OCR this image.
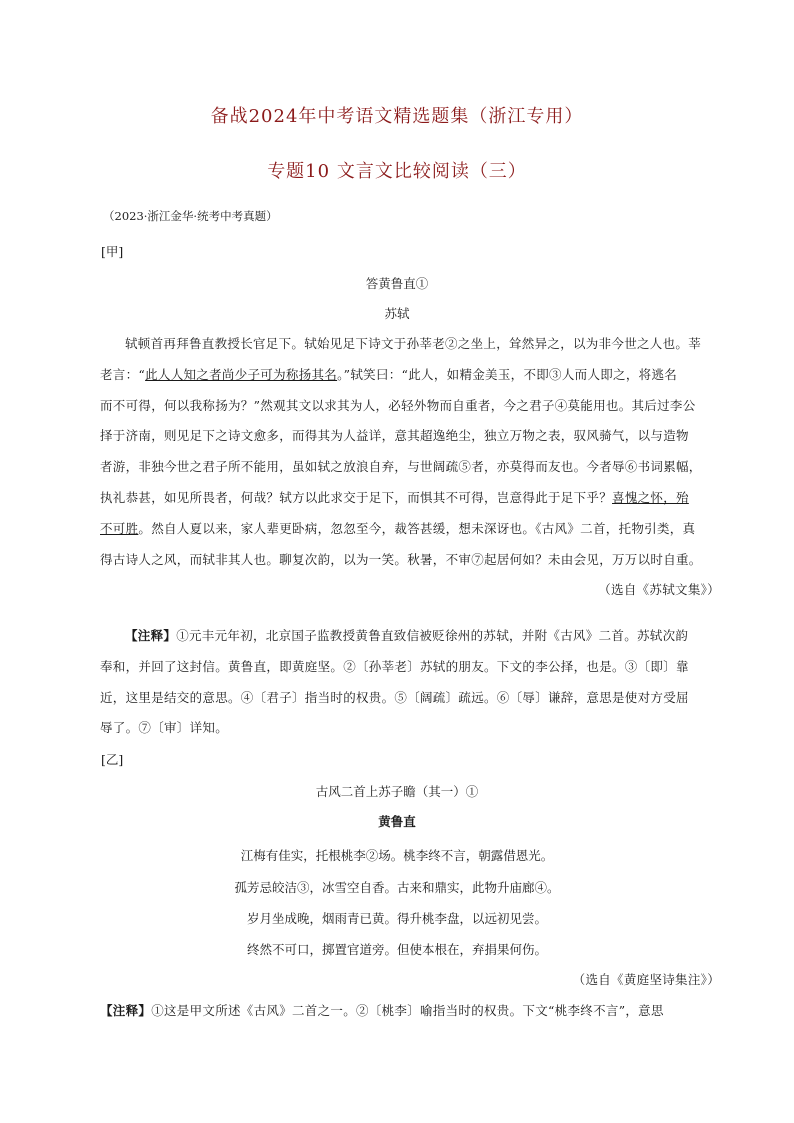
备战2024年中考语文精选题集（浙江专用）
专题10 文言文比较阅读（三）
（2023·浙江金华·统考中考真题）
[甲]
答黄鲁直①
苏轼
轼顿首再拜鲁直教授长官足下。轼始见足下诗文于孙莘老②之坐上，耸然异之，以为非今世之人也。莘
老言：“此人人知之者尚少子可为称扬其名。”轼笑曰：“此人，如精金美玉，不即③人而人即之，将逃名
而不可得，何以我称扬为？”然观其文以求其为人，必轻外物而自重者，今之君子④莫能用也。其后过李公
择于济南，则见足下之诗文愈多，而得其为人益详，意其超逸绝尘，独立万物之表，驭风骑气，以与造物
者游，非独今世之君子所不能用，虽如轼之放浪自弃，与世阔疏⑤者，亦莫得而友也。今者辱⑥书词累幅，
执礼恭甚，如见所畏者，何哉？轼方以此求交于足下，而惧其不可得，岂意得此于足下乎？喜愧之怀，殆
不可胜。然自人夏以来，家人辈更卧病，忽忽至今，裁答甚缓，想未深讶也。《古风》二首，托物引类，真
得古诗人之风，而轼非其人也。聊复次韵，以为一笑。秋暑，不审⑦起居何如？未由会见，万万以时自重。
（选自《苏轼文集》）
【注释】①元丰元年初，北京国子监教授黄鲁直致信被贬徐州的苏轼，并附《古风》二首。苏轼次韵
奉和，并回了这封信。黄鲁直，即黄庭坚。②〔孙莘老〕苏轼的朋友。下文的李公择，也是。③〔即〕靠
近，这里是结交的意思。④〔君子〕指当时的权贵。⑤〔阔疏〕疏远。⑥〔辱〕谦辞，意思是使对方受屈
辱了。⑦〔审〕详知。
[乙]
古风二首上苏子瞻（其一）①
黄鲁直
江梅有佳实，托根桃李②场。桃李终不言，朝露借恩光。
孤芳忌皎洁③，冰雪空自香。古来和鼎实，此物升庙廊④。
岁月坐成晚，烟雨青已黄。得升桃李盘，以远初见尝。
终然不可口，掷置官道旁。但使本根在，弃捐果何伤。
（选自《黄庭坚诗集注》）
【注释】①这是甲文所述《古风》二首之一。②〔桃李〕喻指当时的权贵。下文“桃李终不言”，意思
